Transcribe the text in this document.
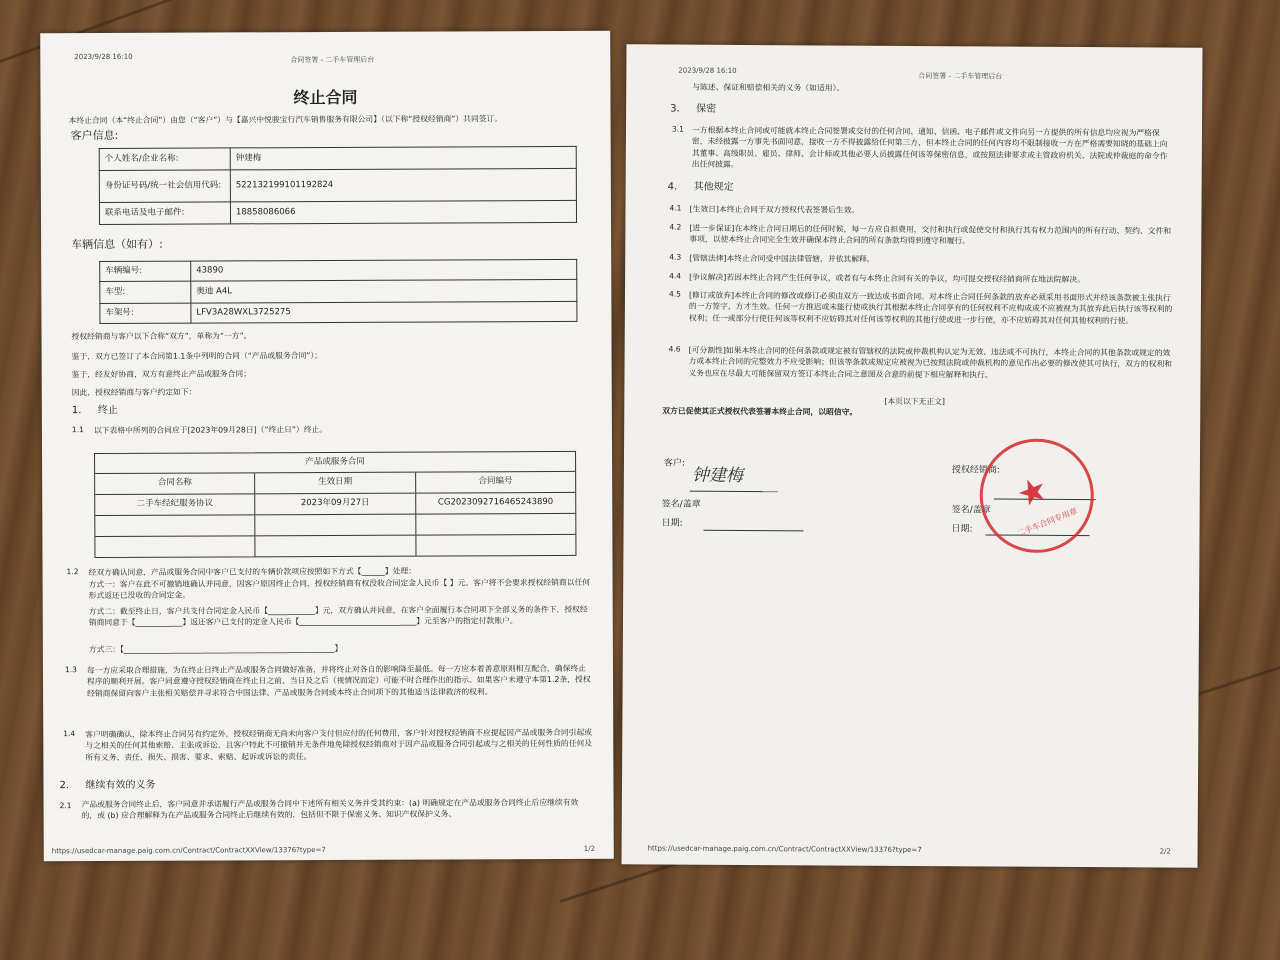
2023/9/28 16:10	合同签署 - 二手车管理后台
终止合同
本终止合同（本“终止合同”）由您（“客户”）与【嘉兴中悦骏宝行汽车销售服务有限公司】（以下称“授权经销商”）共同签订。
客户信息:
个人姓名/企业名称:	钟建梅
身份证号码/统一社会信用代码:	522132199101192824
联系电话及电子邮件:	18858086066
车辆信息（如有）:
车辆编号:	43890
车型:	奥迪 A4L
车架号:	LFV3A28WXL3725275
授权经销商与客户以下合称“双方”，单称为“一方”。
鉴于，双方已签订了本合同第1.1条中列明的合同（“产品或服务合同”）；
鉴于，经友好协商，双方有意终止产品或服务合同；
因此，授权经销商与客户约定如下：
1. 终止
1.1 以下表格中所列的合同应于[2023年09月28日]（“终止日”）终止。
产品或服务合同
合同名称	生效日期	合同编号
二手车经纪服务协议	2023年09月27日	CG2023092716465243890
1.2 经双方确认同意，产品或服务合同中客户已支付的车辆价款项应按照如下方式【______】处理：
方式一：客户在此不可撤销地确认并同意，因客户原因终止合同，授权经销商有权没收合同定金人民币【 】元。客户将不会要求授权经销商以任何形式返还已没收的合同定金。
方式二：截至终止日，客户共支付合同定金人民币【____________】元，双方确认并同意，在客户全面履行本合同项下全部义务的条件下，授权经销商同意于【____________】返还客户已支付的定金人民币【______________________________】元至客户的指定付款账户。
方式三：【______________________________________________________】
1.3 每一方应采取合理措施，为在终止日终止产品或服务合同做好准备，并将终止对各自的影响降至最低。每一方应本着善意原则相互配合，确保终止程序的顺利开展。客户同意遵守授权经销商在终止日之前、当日及之后（视情况而定）可能不时合理作出的指示。如果客户未遵守本第1.2条，授权经销商保留向客户主张相关赔偿并寻求符合中国法律、产品或服务合同或本终止合同项下的其他适当法律救济的权利。
1.4 客户明确确认，除本终止合同另有约定外，授权经销商无尚未向客户支付但应付的任何费用，客户针对授权经销商不应提起因产品或服务合同引起或与之相关的任何其他索赔、主张或诉讼，且客户特此不可撤销并无条件地免除授权经销商对于因产品或服务合同引起或与之相关的任何性质的任何及所有义务、责任、损失、损害、要求、索赔、起诉或诉讼的责任。
2. 继续有效的义务
2.1 产品或服务合同终止后，客户同意并承诺履行产品或服务合同中下述所有相关义务并受其约束：(a) 明确规定在产品或服务合同终止后应继续有效的，或 (b) 应合理解释为在产品或服务合同终止后继续有效的，包括但不限于保密义务、知识产权保护义务、
https://usedcar-manage.paig.com.cn/Contract/ContractXXView/13376?type=7	1/2
2023/9/28 16:10
合同签署 - 二手车管理后台
与陈述、保证和赔偿相关的义务（如适用）。
3. 保密
3.1 一方根据本终止合同或可能就本终止合同签署或交付的任何合同、通知、信函、电子邮件或文件向另一方提供的所有信息均应视为严格保密，未经披露一方事先书面同意，接收一方不得披露给任何第三方，但本终止合同的任何内容均不限制接收一方在严格需要知晓的基础上向其董事、高级职员、雇员、律师、会计师或其他必要人员披露任何该等保密信息，或按照法律要求或主管政府机关、法院或仲裁庭的命令作出任何披露。
4. 其他规定
4.1 [生效日]本终止合同于双方授权代表签署后生效。
4.2 [进一步保证]在本终止合同日期后的任何时候，每一方应自担费用，交付和执行或促使交付和执行其有权力范围内的所有行动、契约、文件和事项，以使本终止合同完全生效并确保本终止合同的所有条款均得到遵守和履行。
4.3 [管辖法律]本终止合同受中国法律管辖，并依其解释。
4.4 [争议解决]若因本终止合同产生任何争议，或者有与本终止合同有关的争议，均可提交授权经销商所在地法院解决。
4.5 [修订或放弃]本终止合同的修改或修订必须由双方一致达成书面合同。对本终止合同任何条款的放弃必须采用书面形式并经该条款被主张执行的一方签字，方才生效。任何一方推迟或未能行使或执行其根据本终止合同享有的任何权利不应构成或不应被视为其放弃此后执行该等权利的权利；任一或部分行使任何该等权利不应妨碍其对任何该等权利的其他行使或进一步行使，亦不应妨碍其对任何其他权利的行使。
4.6 [可分割性]如果本终止合同的任何条款或规定被有管辖权的法院或仲裁机构认定为无效、违法或不可执行，本终止合同的其他条款或规定的效力或本终止合同的完整效力不应受影响；但该等条款或规定应被视为已按照法院或仲裁机构的意见作出必要的修改使其可执行，双方的权利和义务也应在尽最大可能保留双方签订本终止合同之意图及合意的前提下相应解释和执行。
[本页以下无正文]
双方已促使其正式授权代表签署本终止合同，以昭信守。
客户:
钟建梅
签名/盖章
日期:
授权经销商:
签名/盖章
日期:
★
二手车合同专用章
https://usedcar-manage.paig.com.cn/Contract/ContractXXView/13376?type=7	2/2
